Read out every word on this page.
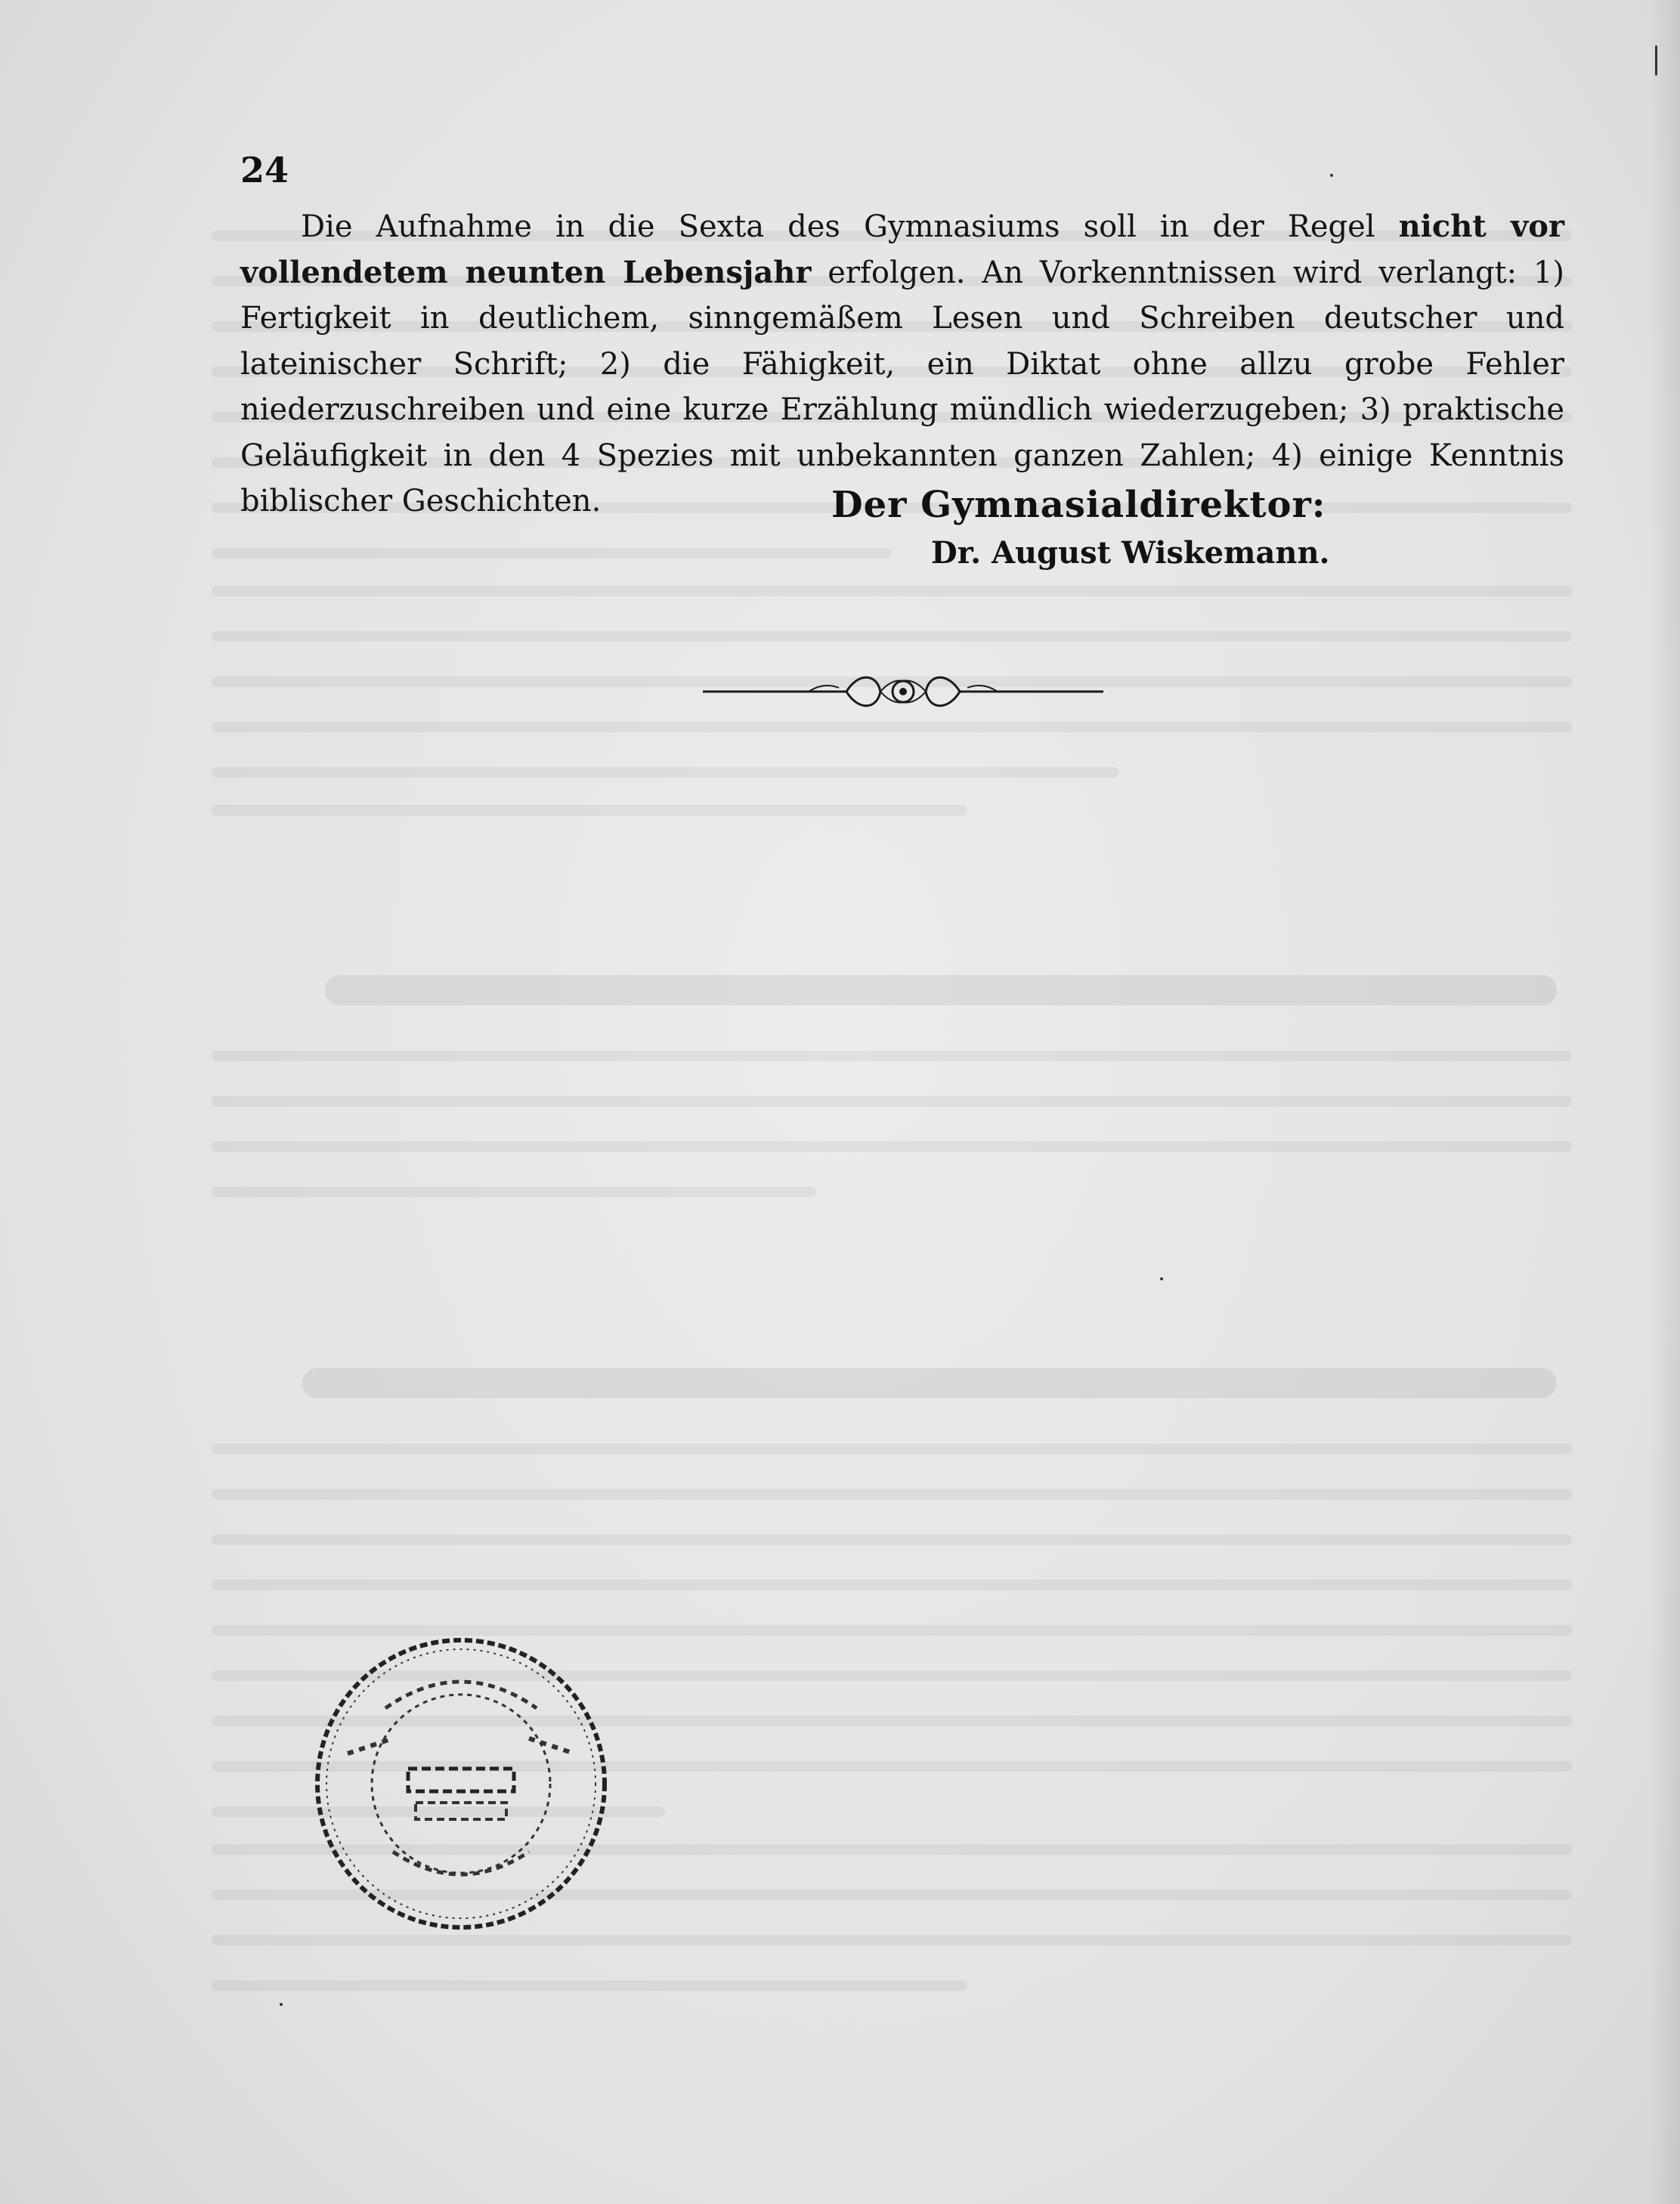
24

Die Aufnahme in die Sexta des Gymnasiums soll in der Regel nicht vor vollendetem neunten Lebensjahr erfolgen. An Vorkenntnissen wird verlangt: 1) Fertigkeit in deutlichem, sinngemäßem Lesen und Schreiben deutscher und lateinischer Schrift; 2) die Fähigkeit, ein Diktat ohne allzu grobe Fehler niederzuschreiben und eine kurze Erzählung mündlich wiederzugeben; 3) praktische Geläufigkeit in den 4 Spezies mit unbekannten ganzen Zahlen; 4) einige Kenntnis biblischer Geschichten.	Der Gymnasialdirektor:
Dr. August Wiskemann.
